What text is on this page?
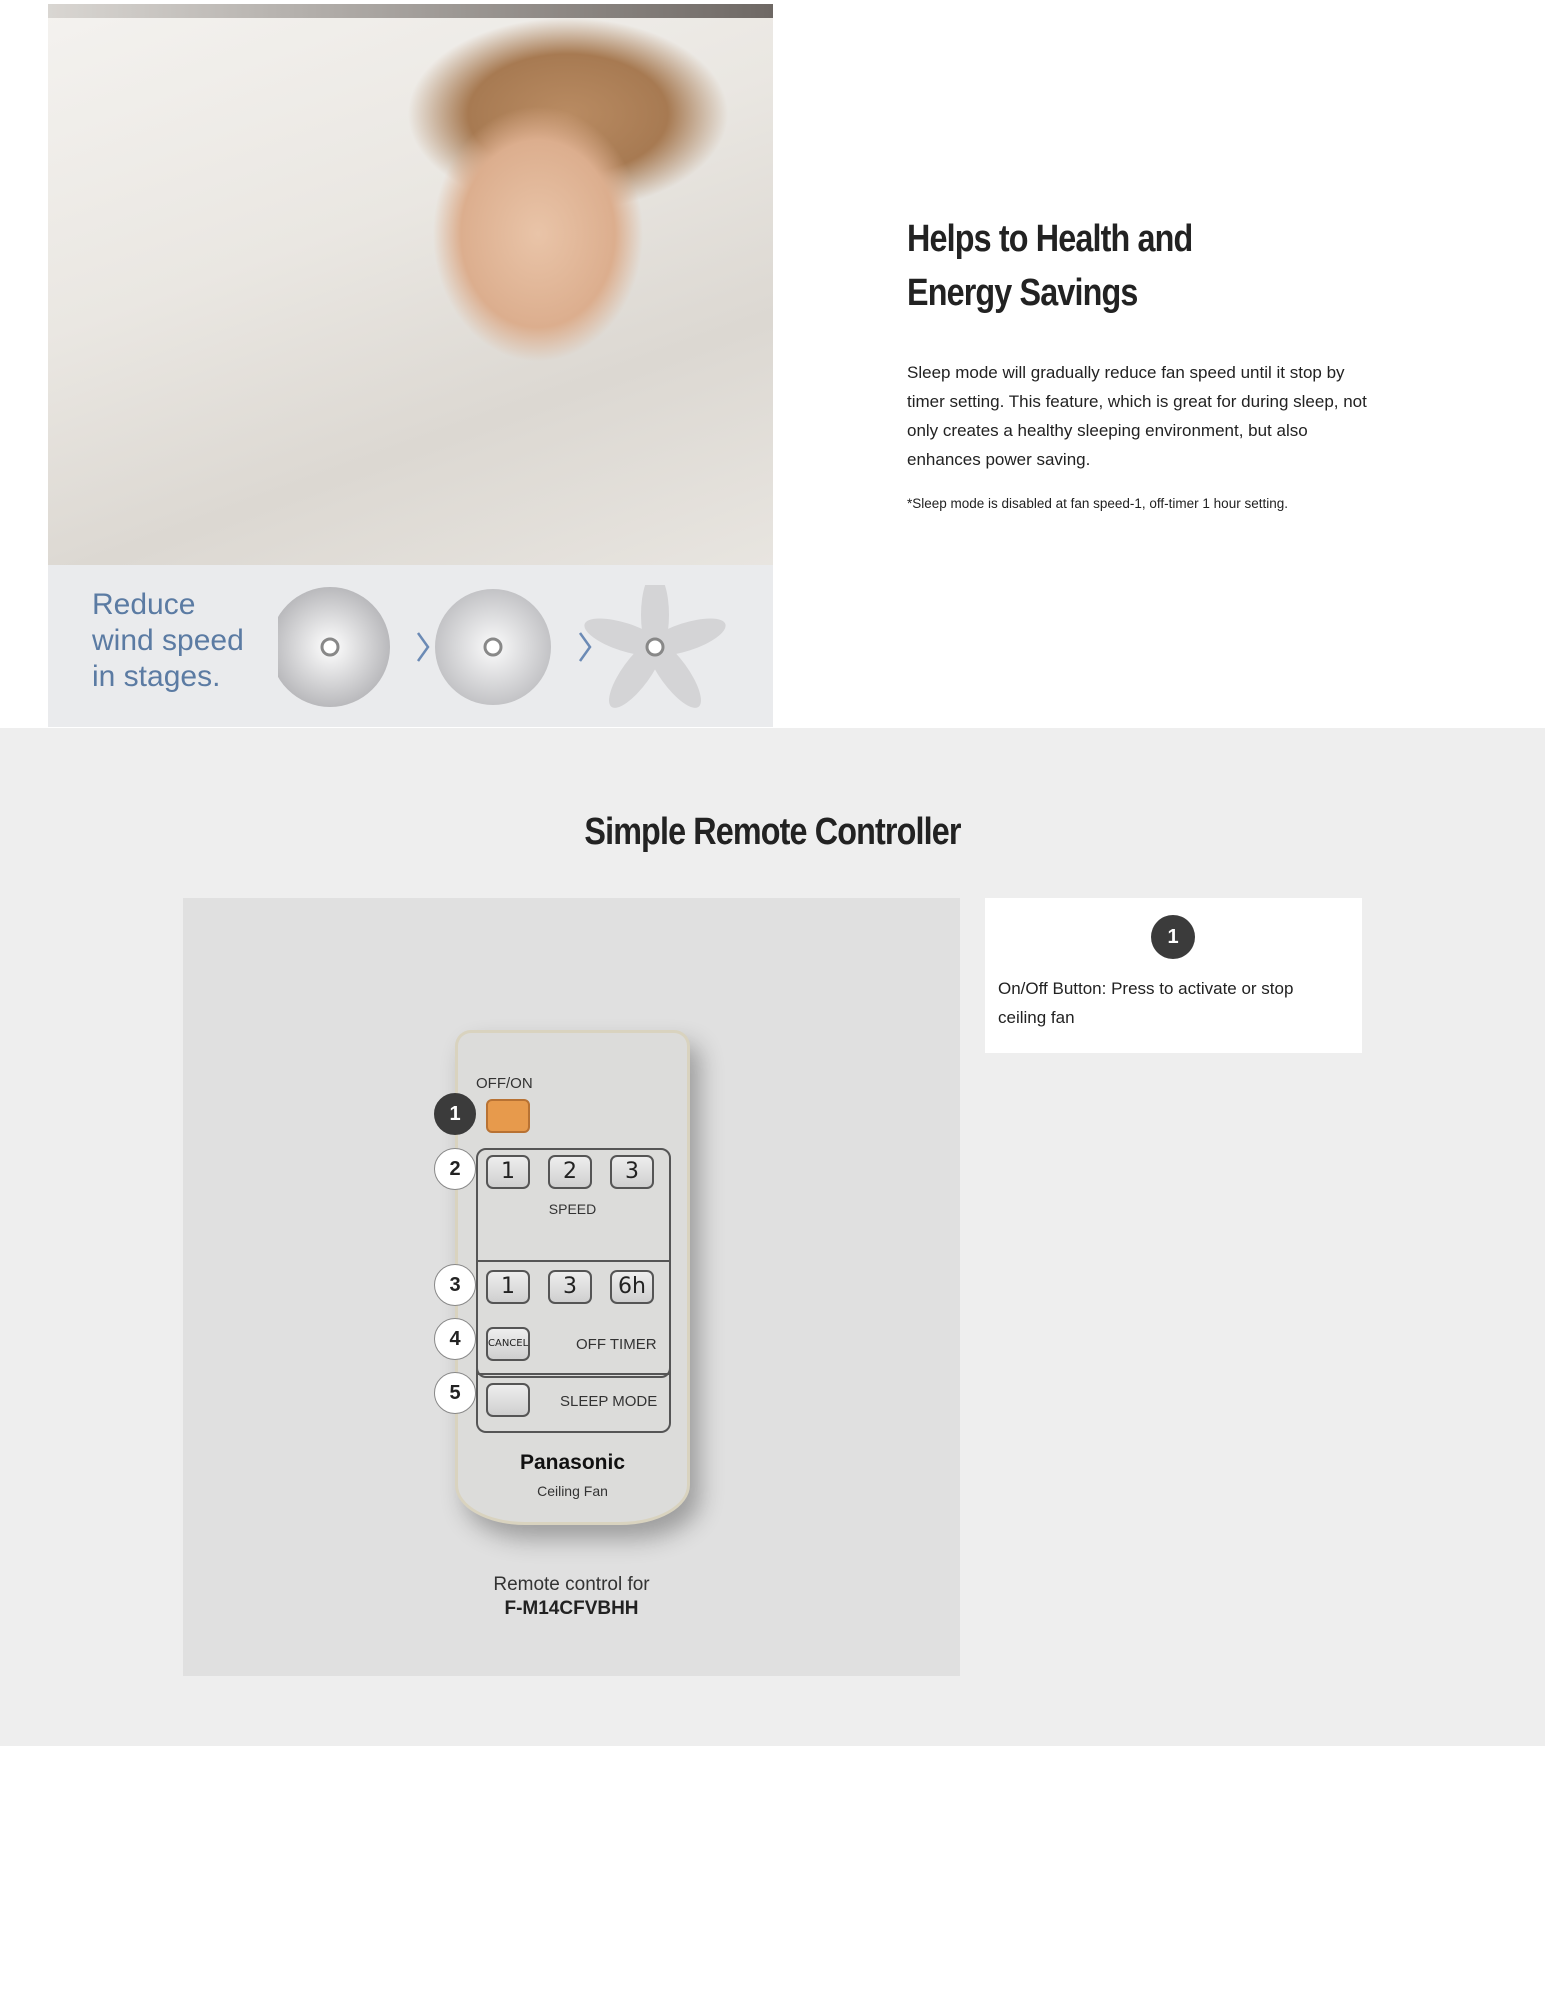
Reduce
wind speed
in stages.
Helps to Health and Energy Savings

Sleep mode will gradually reduce fan speed until it stop by timer setting. This feature, which is great for during sleep, not only creates a healthy sleeping environment, but also enhances power saving.

*Sleep mode is disabled at fan speed-1, off-timer 1 hour setting.

Simple Remote Controller
OFF/ON
1	2	3
SPEED
1	3	6h
CANCEL	OFF TIMER
SLEEP MODE
Panasonic
Ceiling Fan
1
2
3
4
5
Remote control for
F-M14CFVBHH
1
On/Off Button: Press to activate or stop ceiling fan
